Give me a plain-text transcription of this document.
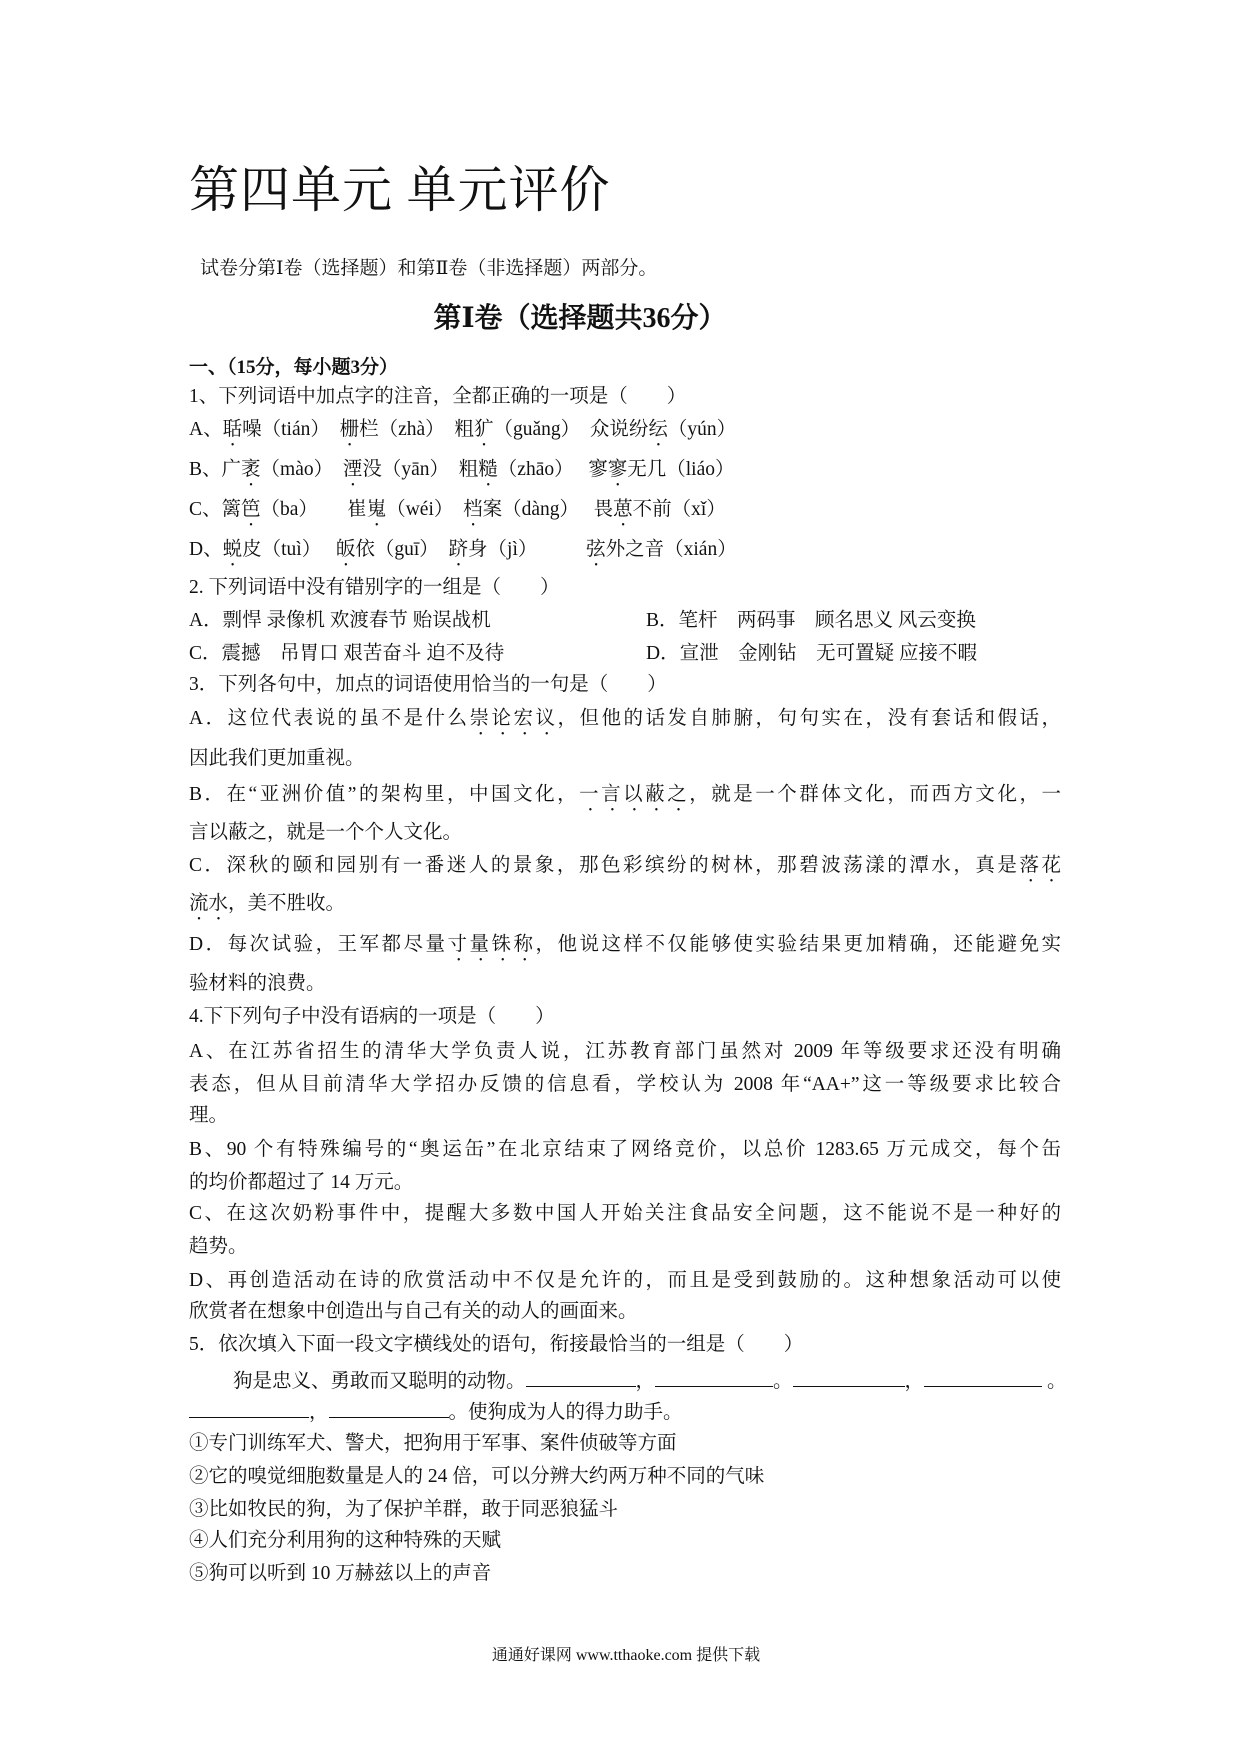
第四单元 单元评价
试卷分第Ⅰ卷（选择题）和第Ⅱ卷（非选择题）两部分。
第Ⅰ卷（选择题共36分）
一、（15分，每小题3分）
1、下列词语中加点字的注音，全都正确的一项是（　　）
A、聒噪（tián）　栅栏（zhà）　粗犷（guǎng）　众说纷纭（yún）
B、广袤（mào）　湮没（yān）　粗糙（zhāo）　 寥寥无几（liáo）
C、篱笆（ba）　　崔嵬（wéi）　档案（dàng）　 畏葸不前（xǐ）
D、蜕皮（tuì）　 皈依（guī）　跻身（jì）　　　弦外之音（xián）
2. 下列词语中没有错别字的一组是（　　）
A．剽悍 录像机 欢渡春节 贻误战机	B．笔杆　两码事　顾名思义 风云变换
C．震撼　吊胃口 艰苦奋斗 迫不及待	D．宣泄　金刚钻　无可置疑 应接不暇
3．下列各句中，加点的词语使用恰当的一句是（　　）
A．这位代表说的虽不是什么崇论宏议，但他的话发自肺腑，句句实在，没有套话和假话，
因此我们更加重视。
B．在“亚洲价值”的架构里，中国文化，一言以蔽之，就是一个群体文化，而西方文化，一
言以蔽之，就是一个个人文化。
C．深秋的颐和园别有一番迷人的景象，那色彩缤纷的树林，那碧波荡漾的潭水，真是落花
流水，美不胜收。
D．每次试验，王军都尽量寸量铢称，他说这样不仅能够使实验结果更加精确，还能避免实
验材料的浪费。
4.下下列句子中没有语病的一项是（　　）
A、在江苏省招生的清华大学负责人说，江苏教育部门虽然对 2009 年等级要求还没有明确
表态，但从目前清华大学招办反馈的信息看，学校认为 2008 年“AA+”这一等级要求比较合
理。
B、90 个有特殊编号的“奥运缶”在北京结束了网络竞价，以总价 1283.65 万元成交，每个缶
的均价都超过了 14 万元。
C、在这次奶粉事件中，提醒大多数中国人开始关注食品安全问题，这不能说不是一种好的
趋势。
D、再创造活动在诗的欣赏活动中不仅是允许的，而且是受到鼓励的。这种想象活动可以使
欣赏者在想象中创造出与自己有关的动人的画面来。
5．依次填入下面一段文字横线处的语句，衔接最恰当的一组是（　　）
狗是忠义、勇敢而又聪明的动物。	，	。	，	。
，	。使狗成为人的得力助手。
①专门训练军犬、警犬，把狗用于军事、案件侦破等方面
②它的嗅觉细胞数量是人的 24 倍，可以分辨大约两万种不同的气味
③比如牧民的狗，为了保护羊群，敢于同恶狼猛斗
④人们充分利用狗的这种特殊的天赋
⑤狗可以听到 10 万赫兹以上的声音
通通好课网 www.tthaoke.com 提供下载
